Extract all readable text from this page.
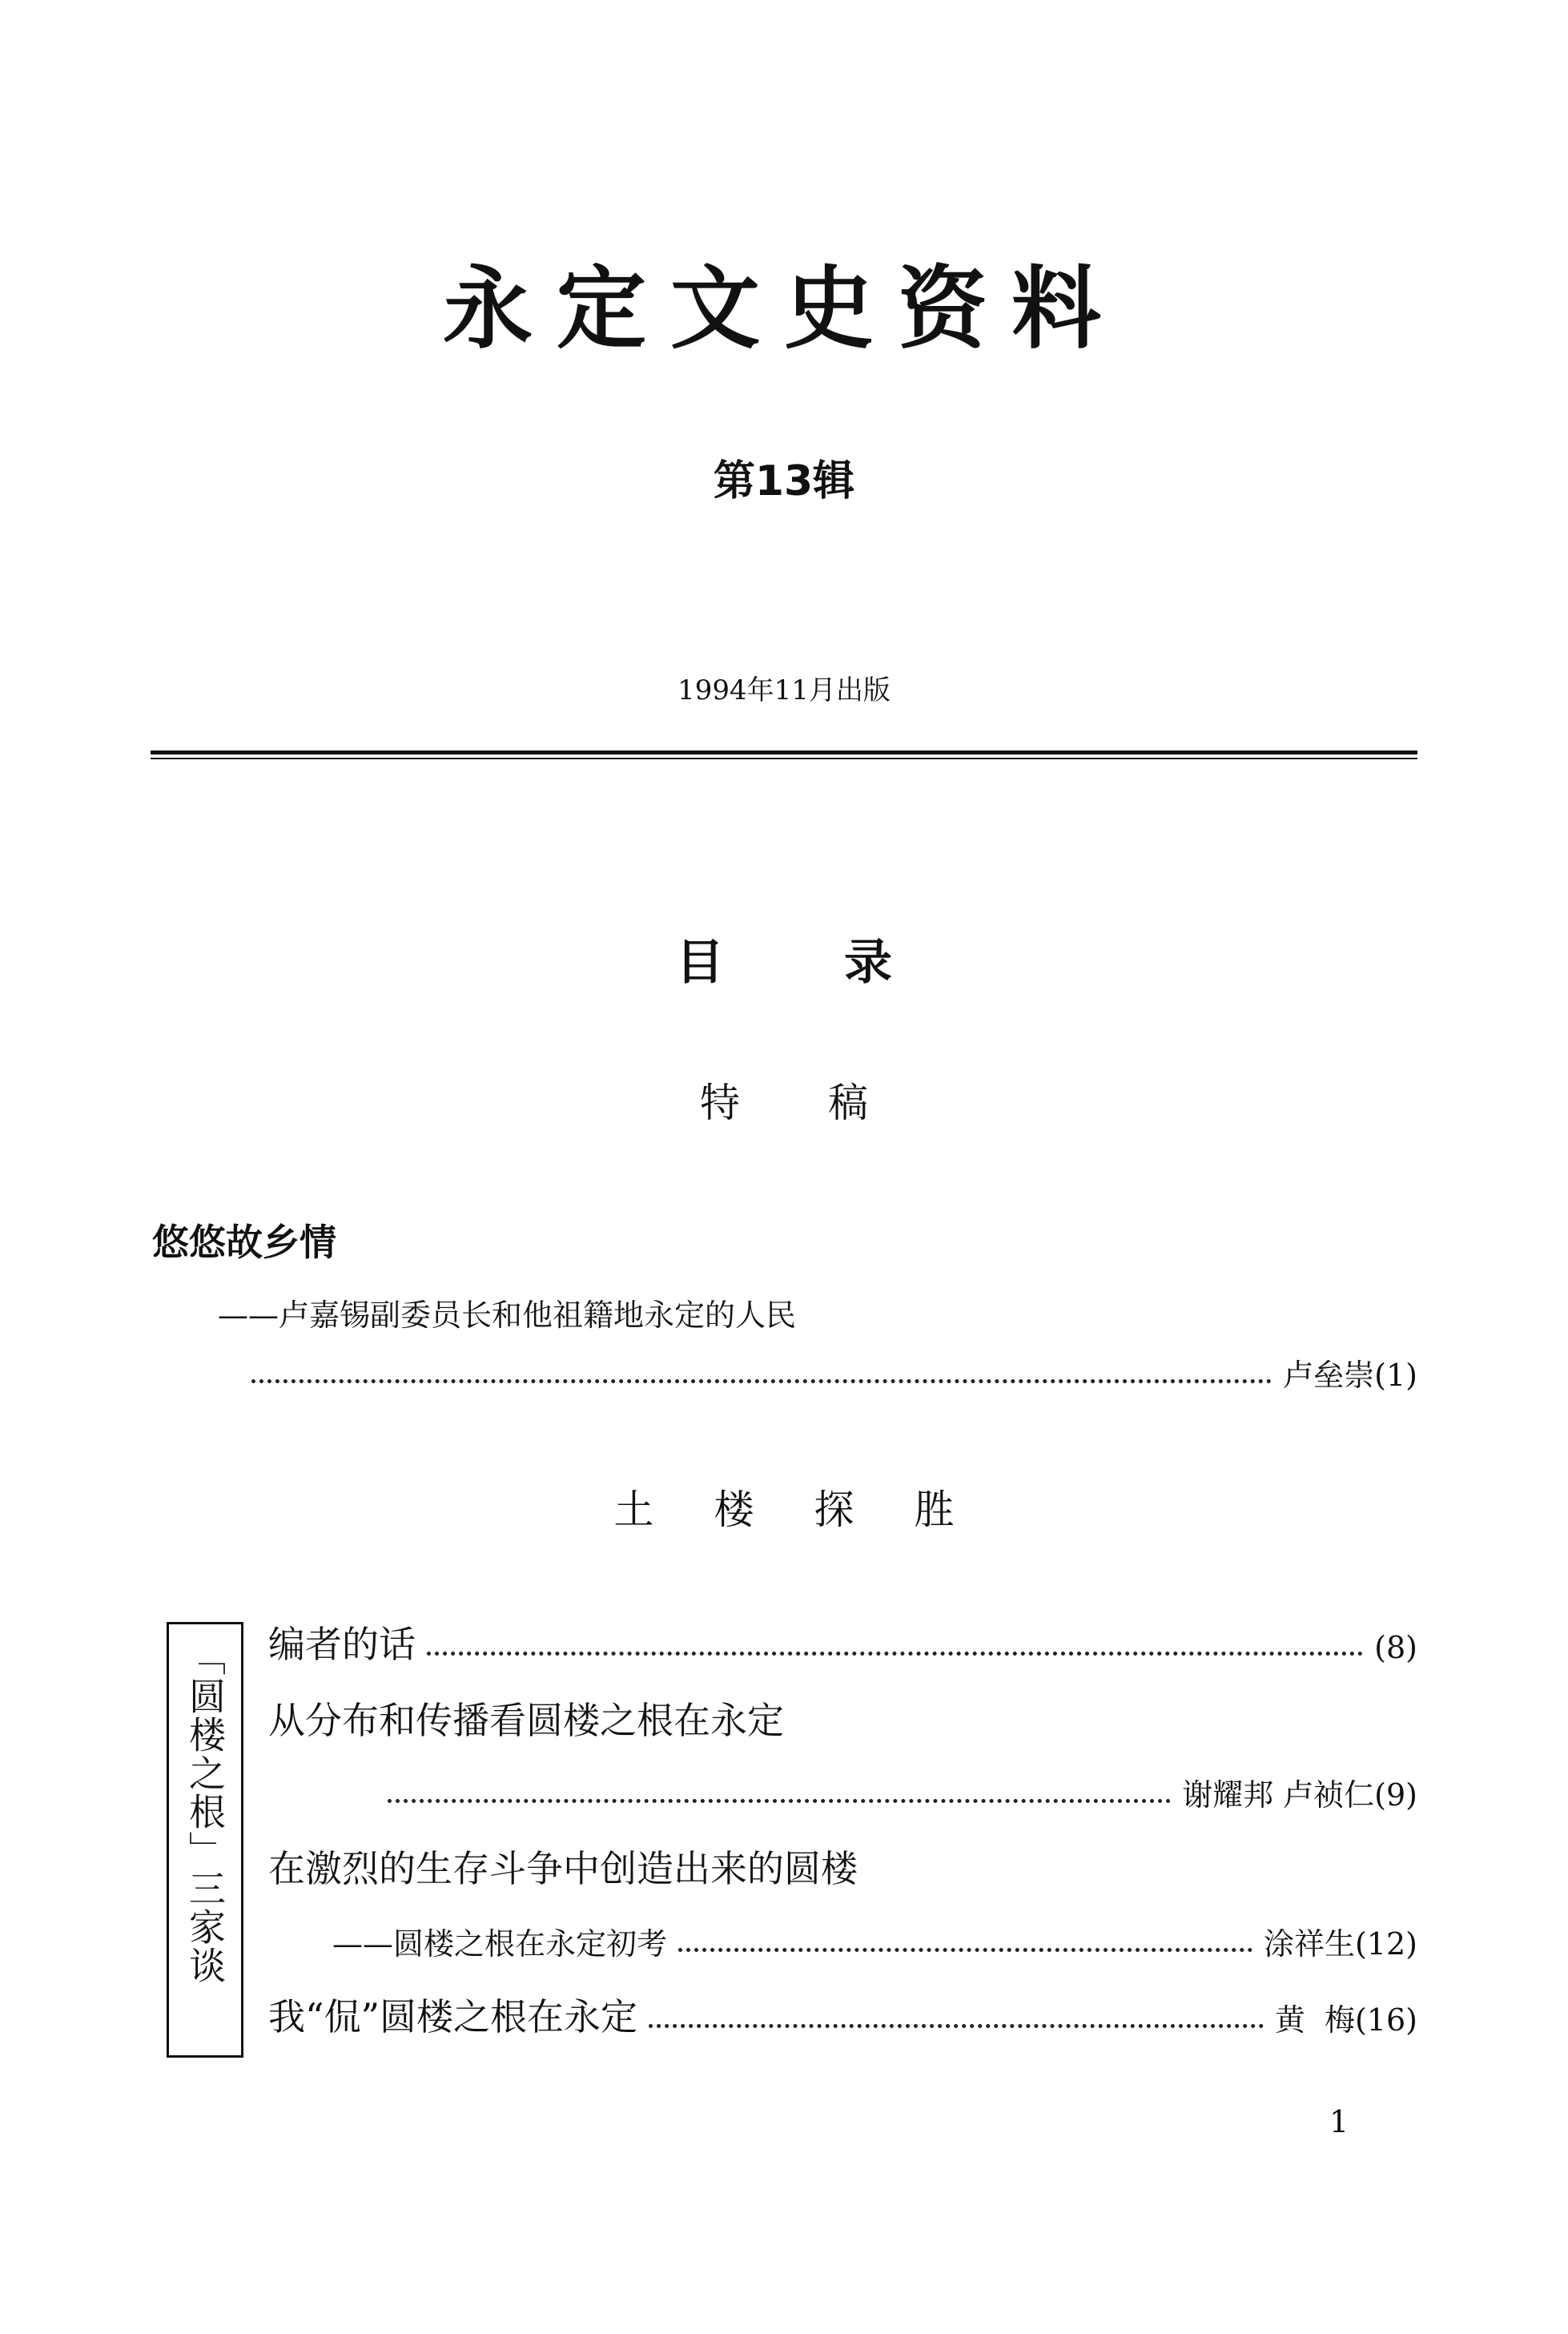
永定文史资料
第13辑
1994年11月出版
目录
特稿
悠悠故乡情
——卢嘉锡副委员长和他祖籍地永定的人民
卢垒崇 (1)
土楼探胜
「圆楼之根」三家谈	编者的话	(8)
从分布和传播看圆楼之根在永定
谢耀邦 卢祯仁 (9)
在激烈的生存斗争中创造出来的圆楼
——圆楼之根在永定初考	涂祥生 (12)
我“侃”圆楼之根在永定	黄  梅 (16)
1
